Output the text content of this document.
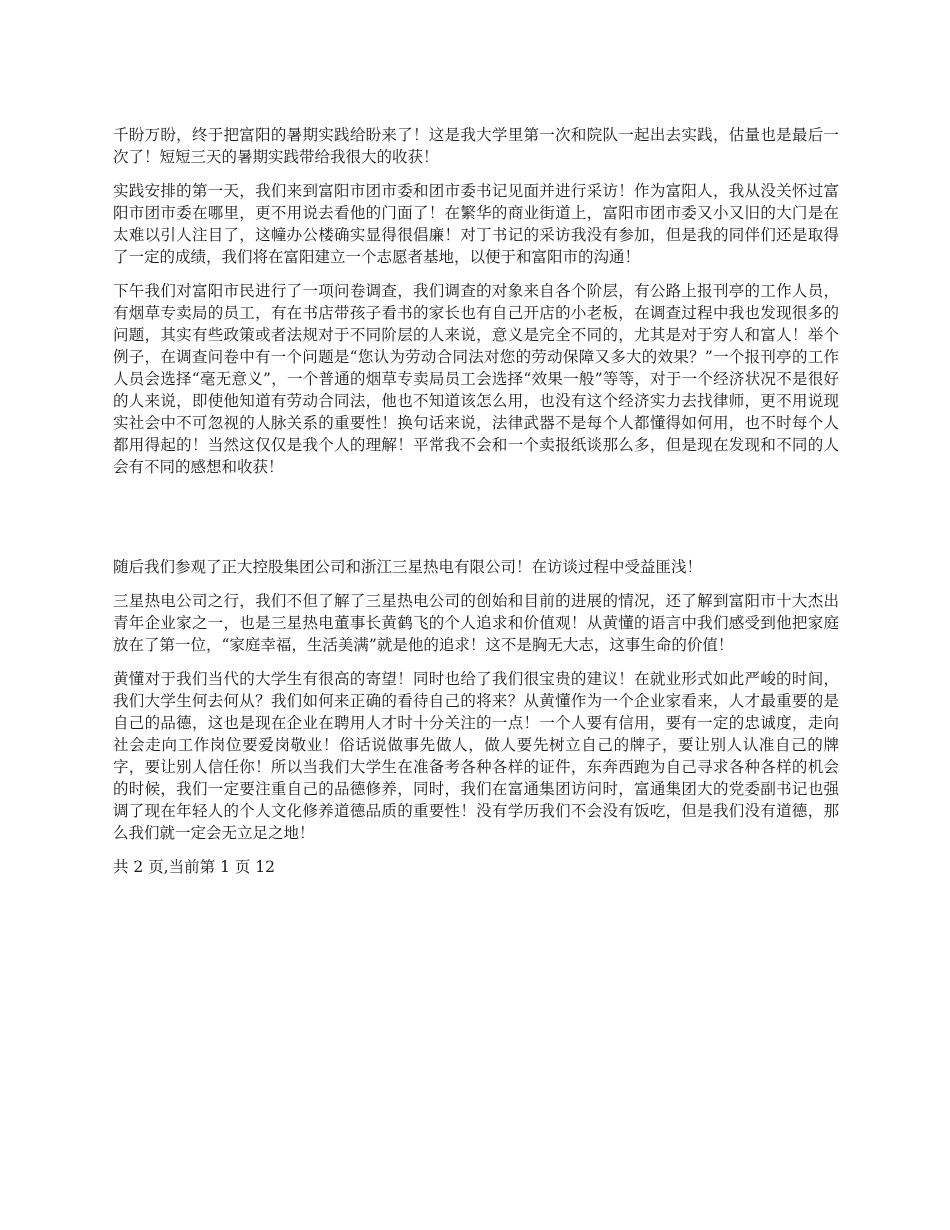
千盼万盼，终于把富阳的暑期实践给盼来了！这是我大学里第一次和院队一起出去实践，估量也是最后一次了！短短三天的暑期实践带给我很大的收获！

实践安排的第一天，我们来到富阳市团市委和团市委书记见面并进行采访！作为富阳人，我从没关怀过富阳市团市委在哪里，更不用说去看他的门面了！在繁华的商业街道上，富阳市团市委又小又旧的大门是在太难以引人注目了，这幢办公楼确实显得很倡廉！对丁书记的采访我没有参加，但是我的同伴们还是取得了一定的成绩，我们将在富阳建立一个志愿者基地，以便于和富阳市的沟通！

下午我们对富阳市民进行了一项问卷调查，我们调查的对象来自各个阶层，有公路上报刊亭的工作人员，有烟草专卖局的员工，有在书店带孩子看书的家长也有自己开店的小老板，在调查过程中我也发现很多的问题，其实有些政策或者法规对于不同阶层的人来说，意义是完全不同的，尤其是对于穷人和富人！举个例子，在调查问卷中有一个问题是“您认为劳动合同法对您的劳动保障又多大的效果？”一个报刊亭的工作人员会选择“毫无意义”，一个普通的烟草专卖局员工会选择“效果一般”等等，对于一个经济状况不是很好的人来说，即使他知道有劳动合同法，他也不知道该怎么用，也没有这个经济实力去找律师，更不用说现实社会中不可忽视的人脉关系的重要性！换句话来说，法律武器不是每个人都懂得如何用，也不时每个人都用得起的！当然这仅仅是我个人的理解！平常我不会和一个卖报纸谈那么多，但是现在发现和不同的人会有不同的感想和收获！

随后我们参观了正大控股集团公司和浙江三星热电有限公司！在访谈过程中受益匪浅！

三星热电公司之行，我们不但了解了三星热电公司的创始和目前的进展的情况，还了解到富阳市十大杰出青年企业家之一，也是三星热电董事长黄鹤飞的个人追求和价值观！从黄懂的语言中我们感受到他把家庭放在了第一位，“家庭幸福，生活美满”就是他的追求！这不是胸无大志，这事生命的价值！

黄懂对于我们当代的大学生有很高的寄望！同时也给了我们很宝贵的建议！在就业形式如此严峻的时间，我们大学生何去何从？我们如何来正确的看待自己的将来？从黄懂作为一个企业家看来，人才最重要的是自己的品德，这也是现在企业在聘用人才时十分关注的一点！一个人要有信用，要有一定的忠诚度，走向社会走向工作岗位要爱岗敬业！俗话说做事先做人，做人要先树立自己的牌子，要让别人认准自己的牌字，要让别人信任你！所以当我们大学生在准备考各种各样的证件，东奔西跑为自己寻求各种各样的机会的时候，我们一定要注重自己的品德修养，同时，我们在富通集团访问时，富通集团大的党委副书记也强调了现在年轻人的个人文化修养道德品质的重要性！没有学历我们不会没有饭吃，但是我们没有道德，那么我们就一定会无立足之地！

共 2 页,当前第 1 页 12
